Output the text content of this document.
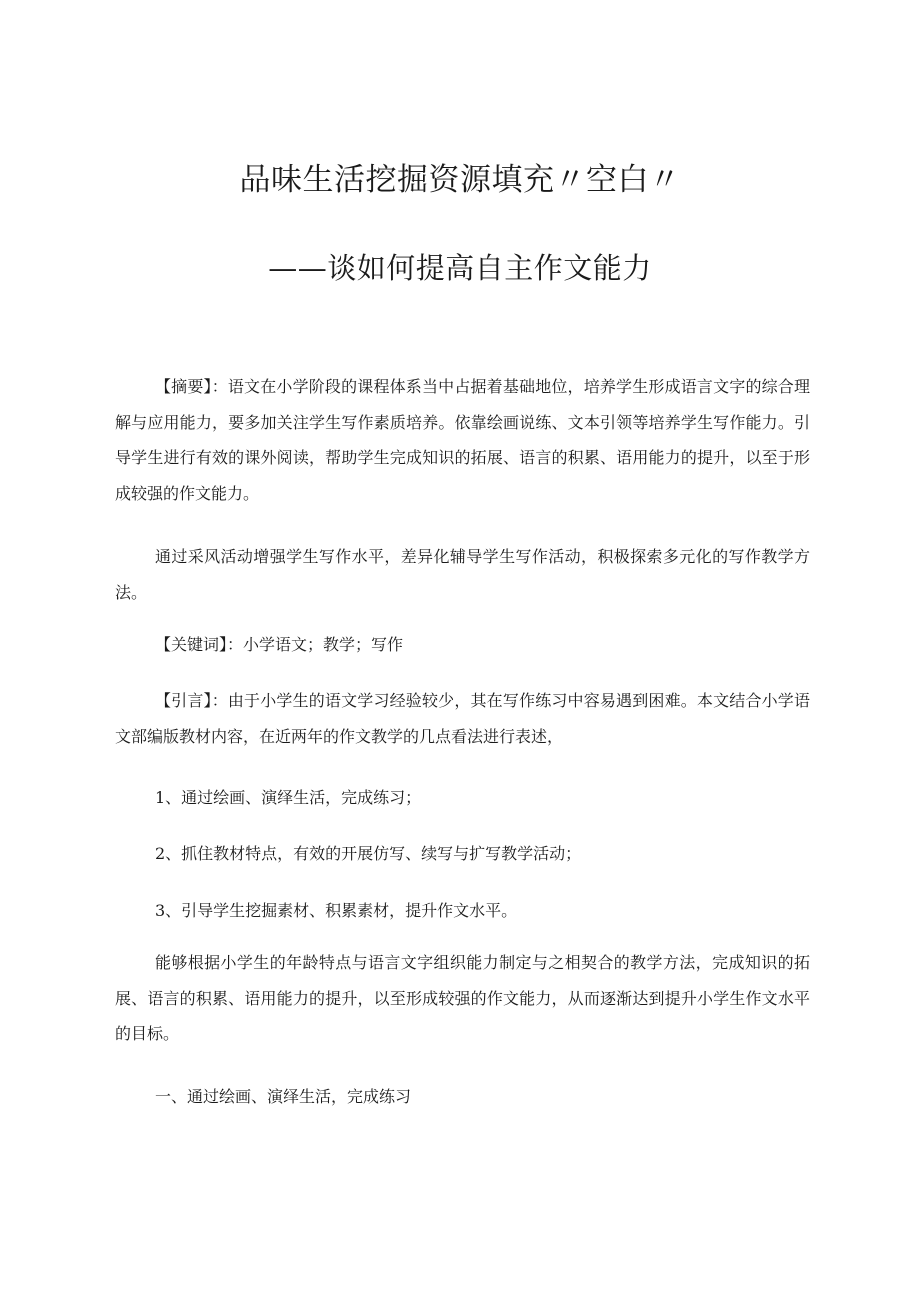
品味生活挖掘资源填充〃空白〃
——谈如何提高自主作文能力

【摘要】：语文在小学阶段的课程体系当中占据着基础地位，培养学生形成语言文字的综合理解与应用能力，要多加关注学生写作素质培养。依靠绘画说练、文本引领等培养学生写作能力。引导学生进行有效的课外阅读，帮助学生完成知识的拓展、语言的积累、语用能力的提升，以至于形成较强的作文能力。

通过采风活动增强学生写作水平，差异化辅导学生写作活动，积极探索多元化的写作教学方法。

【关键词】：小学语文；教学；写作

【引言】：由于小学生的语文学习经验较少，其在写作练习中容易遇到困难。本文结合小学语文部编版教材内容，在近两年的作文教学的几点看法进行表述，

1、通过绘画、演绎生活，完成练习；

2、抓住教材特点，有效的开展仿写、续写与扩写教学活动；

3、引导学生挖掘素材、积累素材，提升作文水平。

能够根据小学生的年龄特点与语言文字组织能力制定与之相契合的教学方法，完成知识的拓展、语言的积累、语用能力的提升，以至形成较强的作文能力，从而逐渐达到提升小学生作文水平的目标。

一、通过绘画、演绎生活，完成练习
